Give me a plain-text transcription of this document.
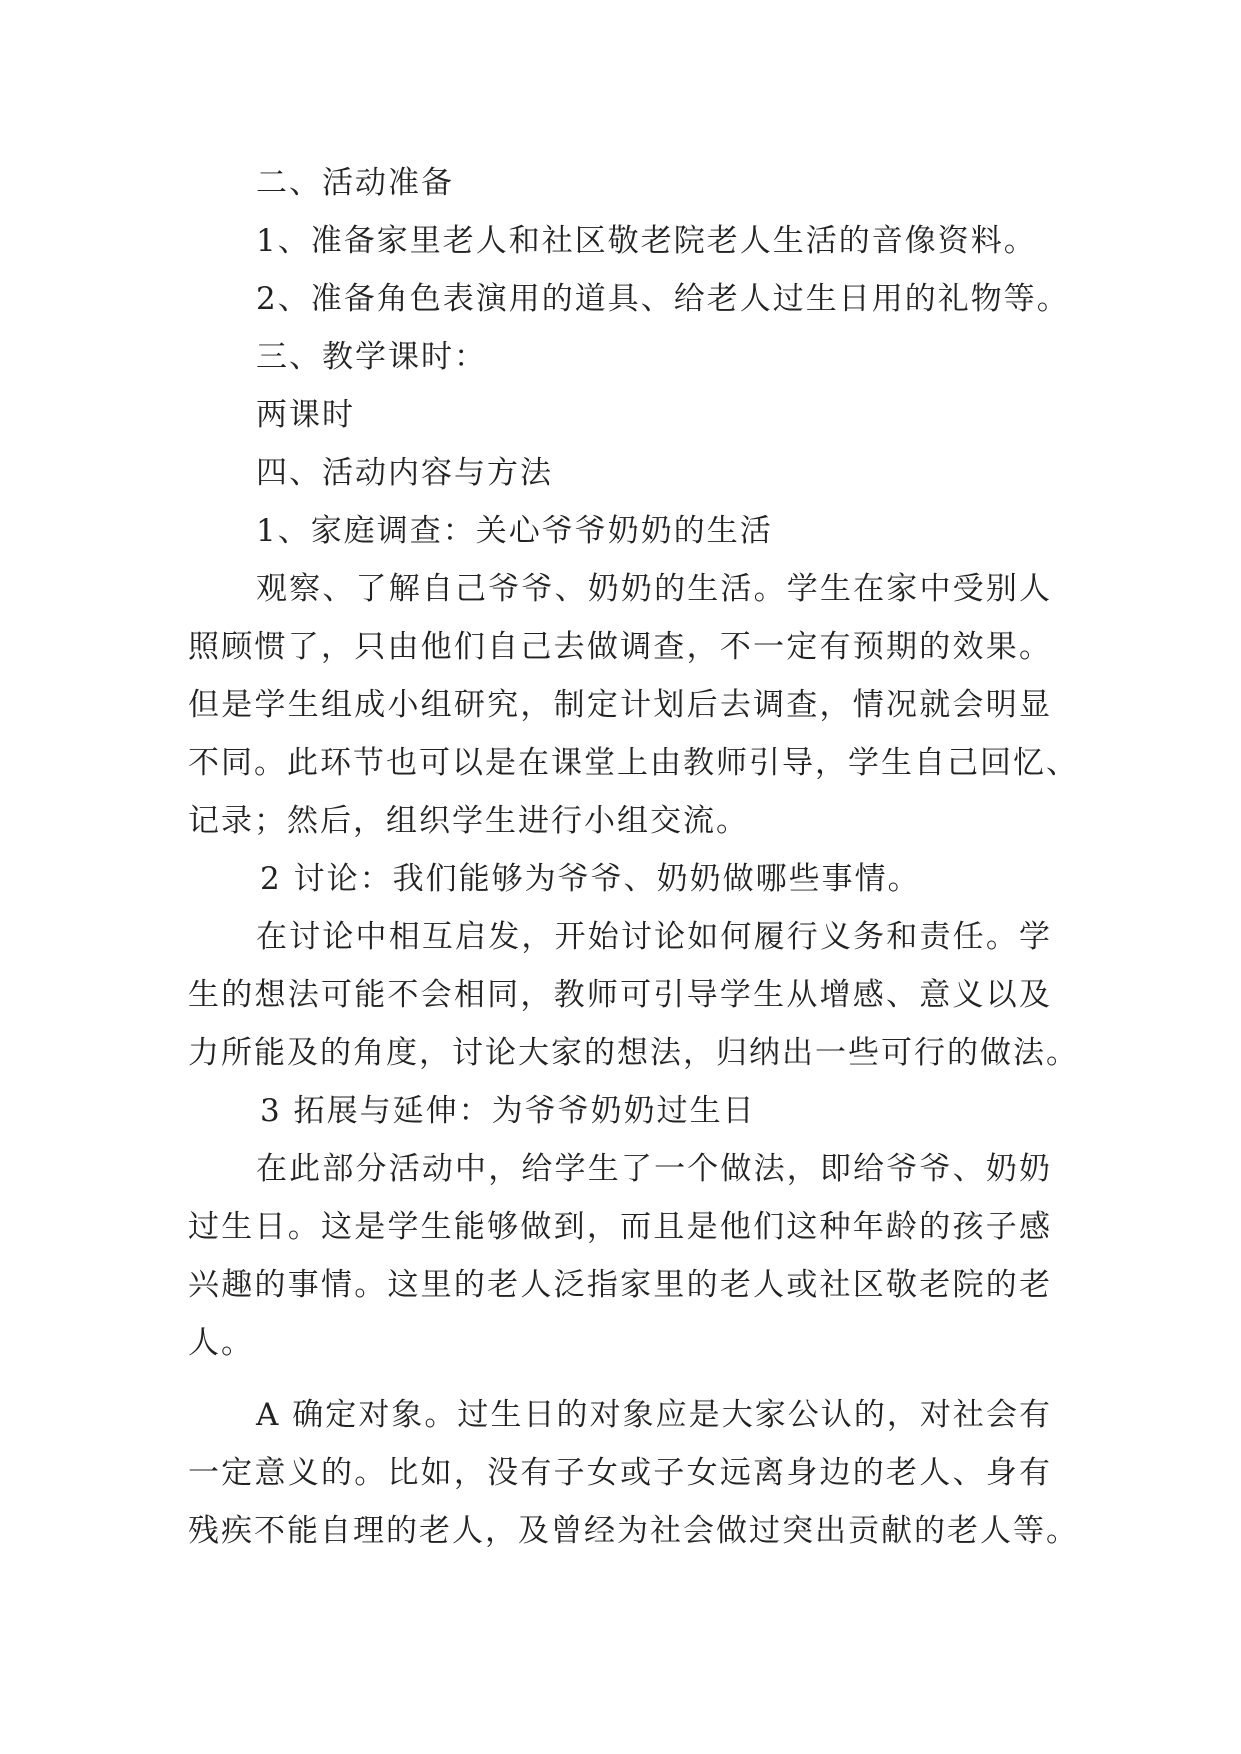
二、活动准备
1、准备家里老人和社区敬老院老人生活的音像资料。
2、准备角色表演用的道具、给老人过生日用的礼物等。
三、教学课时：
两课时
四、活动内容与方法
1、家庭调查：关心爷爷奶奶的生活
观察、了解自己爷爷、奶奶的生活。学生在家中受别人
照顾惯了，只由他们自己去做调查，不一定有预期的效果。
但是学生组成小组研究，制定计划后去调查，情况就会明显
不同。此环节也可以是在课堂上由教师引导，学生自己回忆、
记录；然后，组织学生进行小组交流。
2 讨论：我们能够为爷爷、奶奶做哪些事情。
在讨论中相互启发，开始讨论如何履行义务和责任。学
生的想法可能不会相同，教师可引导学生从增感、意义以及
力所能及的角度，讨论大家的想法，归纳出一些可行的做法。
3 拓展与延伸：为爷爷奶奶过生日
在此部分活动中，给学生了一个做法，即给爷爷、奶奶
过生日。这是学生能够做到，而且是他们这种年龄的孩子感
兴趣的事情。这里的老人泛指家里的老人或社区敬老院的老
人。
A 确定对象。过生日的对象应是大家公认的，对社会有
一定意义的。比如，没有子女或子女远离身边的老人、身有
残疾不能自理的老人，及曾经为社会做过突出贡献的老人等。
